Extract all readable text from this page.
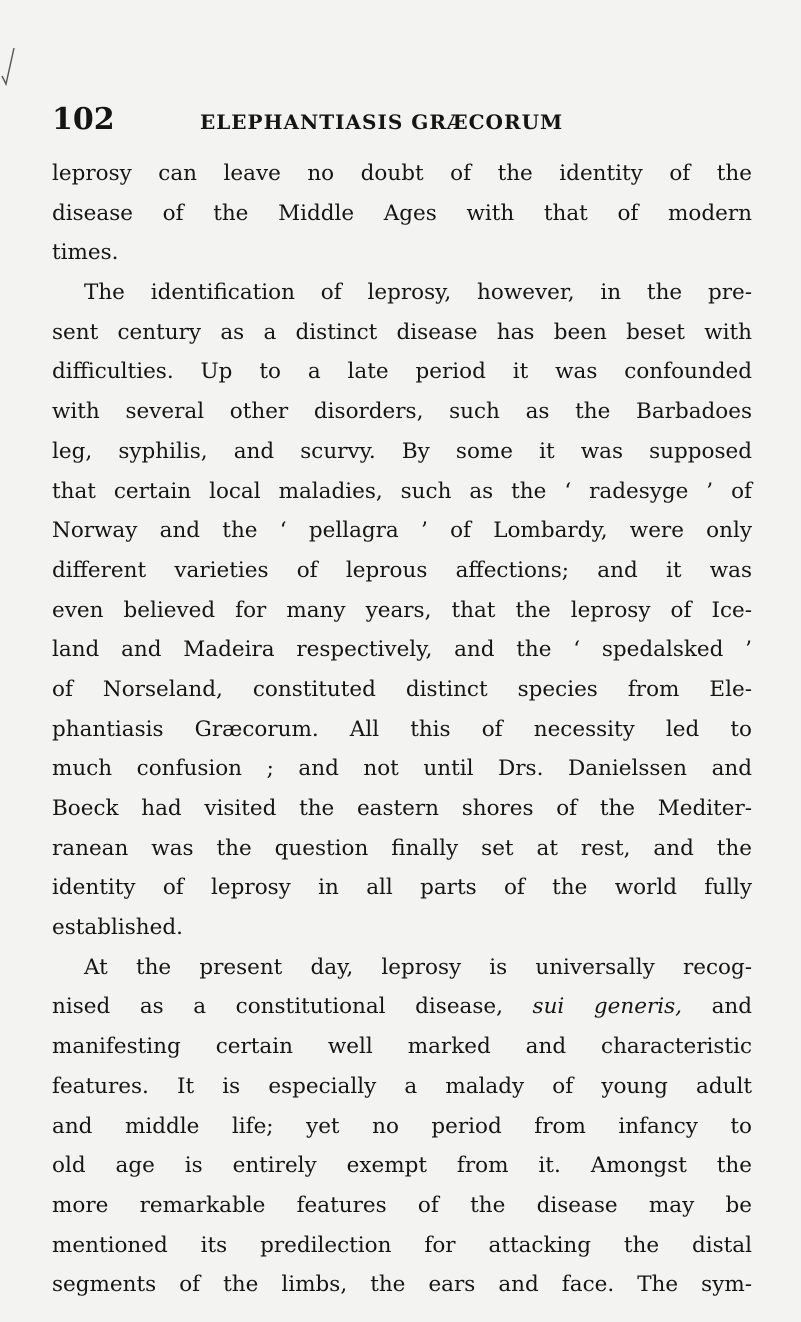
102	ELEPHANTIASIS GRÆCORUM
leprosy can leave no doubt of the identity of the
disease of the Middle Ages with that of modern
times.
The identification of leprosy, however, in the pre-
sent century as a distinct disease has been beset with
difficulties. Up to a late period it was confounded
with several other disorders, such as the Barbadoes
leg, syphilis, and scurvy. By some it was supposed
that certain local maladies, such as the ‘ radesyge ’ of
Norway and the ‘ pellagra ’ of Lombardy, were only
different varieties of leprous affections; and it was
even believed for many years, that the leprosy of Ice-
land and Madeira respectively, and the ‘ spedalsked ’
of Norseland, constituted distinct species from Ele-
phantiasis Græcorum. All this of necessity led to
much confusion ; and not until Drs. Danielssen and
Boeck had visited the eastern shores of the Mediter-
ranean was the question finally set at rest, and the
identity of leprosy in all parts of the world fully
established.
At the present day, leprosy is universally recog-
nised as a constitutional disease, sui generis, and
manifesting certain well marked and characteristic
features. It is especially a malady of young adult
and middle life; yet no period from infancy to
old age is entirely exempt from it. Amongst the
more remarkable features of the disease may be
mentioned its predilection for attacking the distal
segments of the limbs, the ears and face. The sym-
